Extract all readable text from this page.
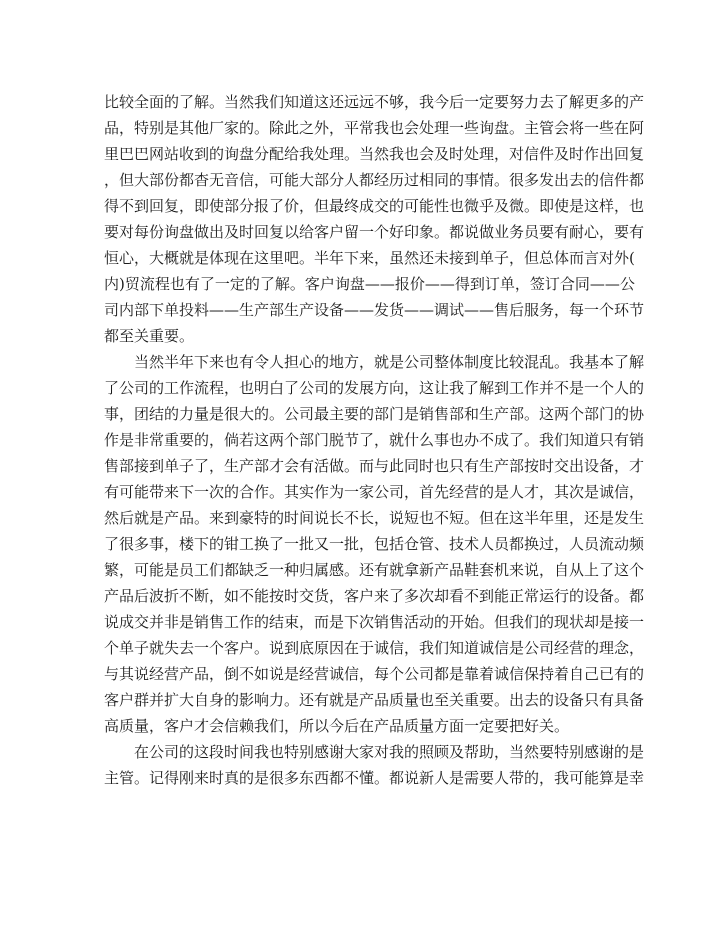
比较全面的了解。当然我们知道这还远远不够，我今后一定要努力去了解更多的产
品，特别是其他厂家的。除此之外，平常我也会处理一些询盘。主管会将一些在阿
里巴巴网站收到的询盘分配给我处理。当然我也会及时处理，对信件及时作出回复
，但大部份都杳无音信，可能大部分人都经历过相同的事情。很多发出去的信件都
得不到回复，即使部分报了价，但最终成交的可能性也微乎及微。即使是这样，也
要对每份询盘做出及时回复以给客户留一个好印象。都说做业务员要有耐心，要有
恒心，大概就是体现在这里吧。半年下来，虽然还未接到单子，但总体而言对外(
内)贸流程也有了一定的了解。客户询盘——报价——得到订单，签订合同——公
司内部下单投料——生产部生产设备——发货——调试——售后服务，每一个环节
都至关重要。
当然半年下来也有令人担心的地方，就是公司整体制度比较混乱。我基本了解
了公司的工作流程，也明白了公司的发展方向，这让我了解到工作并不是一个人的
事，团结的力量是很大的。公司最主要的部门是销售部和生产部。这两个部门的协
作是非常重要的，倘若这两个部门脱节了，就什么事也办不成了。我们知道只有销
售部接到单子了，生产部才会有活做。而与此同时也只有生产部按时交出设备，才
有可能带来下一次的合作。其实作为一家公司，首先经营的是人才，其次是诚信，
然后就是产品。来到豪特的时间说长不长，说短也不短。但在这半年里，还是发生
了很多事，楼下的钳工换了一批又一批，包括仓管、技术人员都换过，人员流动频
繁，可能是员工们都缺乏一种归属感。还有就拿新产品鞋套机来说，自从上了这个
产品后波折不断，如不能按时交货，客户来了多次却看不到能正常运行的设备。都
说成交并非是销售工作的结束，而是下次销售活动的开始。但我们的现状却是接一
个单子就失去一个客户。说到底原因在于诚信，我们知道诚信是公司经营的理念，
与其说经营产品，倒不如说是经营诚信，每个公司都是靠着诚信保持着自己已有的
客户群并扩大自身的影响力。还有就是产品质量也至关重要。出去的设备只有具备
高质量，客户才会信赖我们，所以今后在产品质量方面一定要把好关。
在公司的这段时间我也特别感谢大家对我的照顾及帮助，当然要特别感谢的是
主管。记得刚来时真的是很多东西都不懂。都说新人是需要人带的，我可能算是幸
